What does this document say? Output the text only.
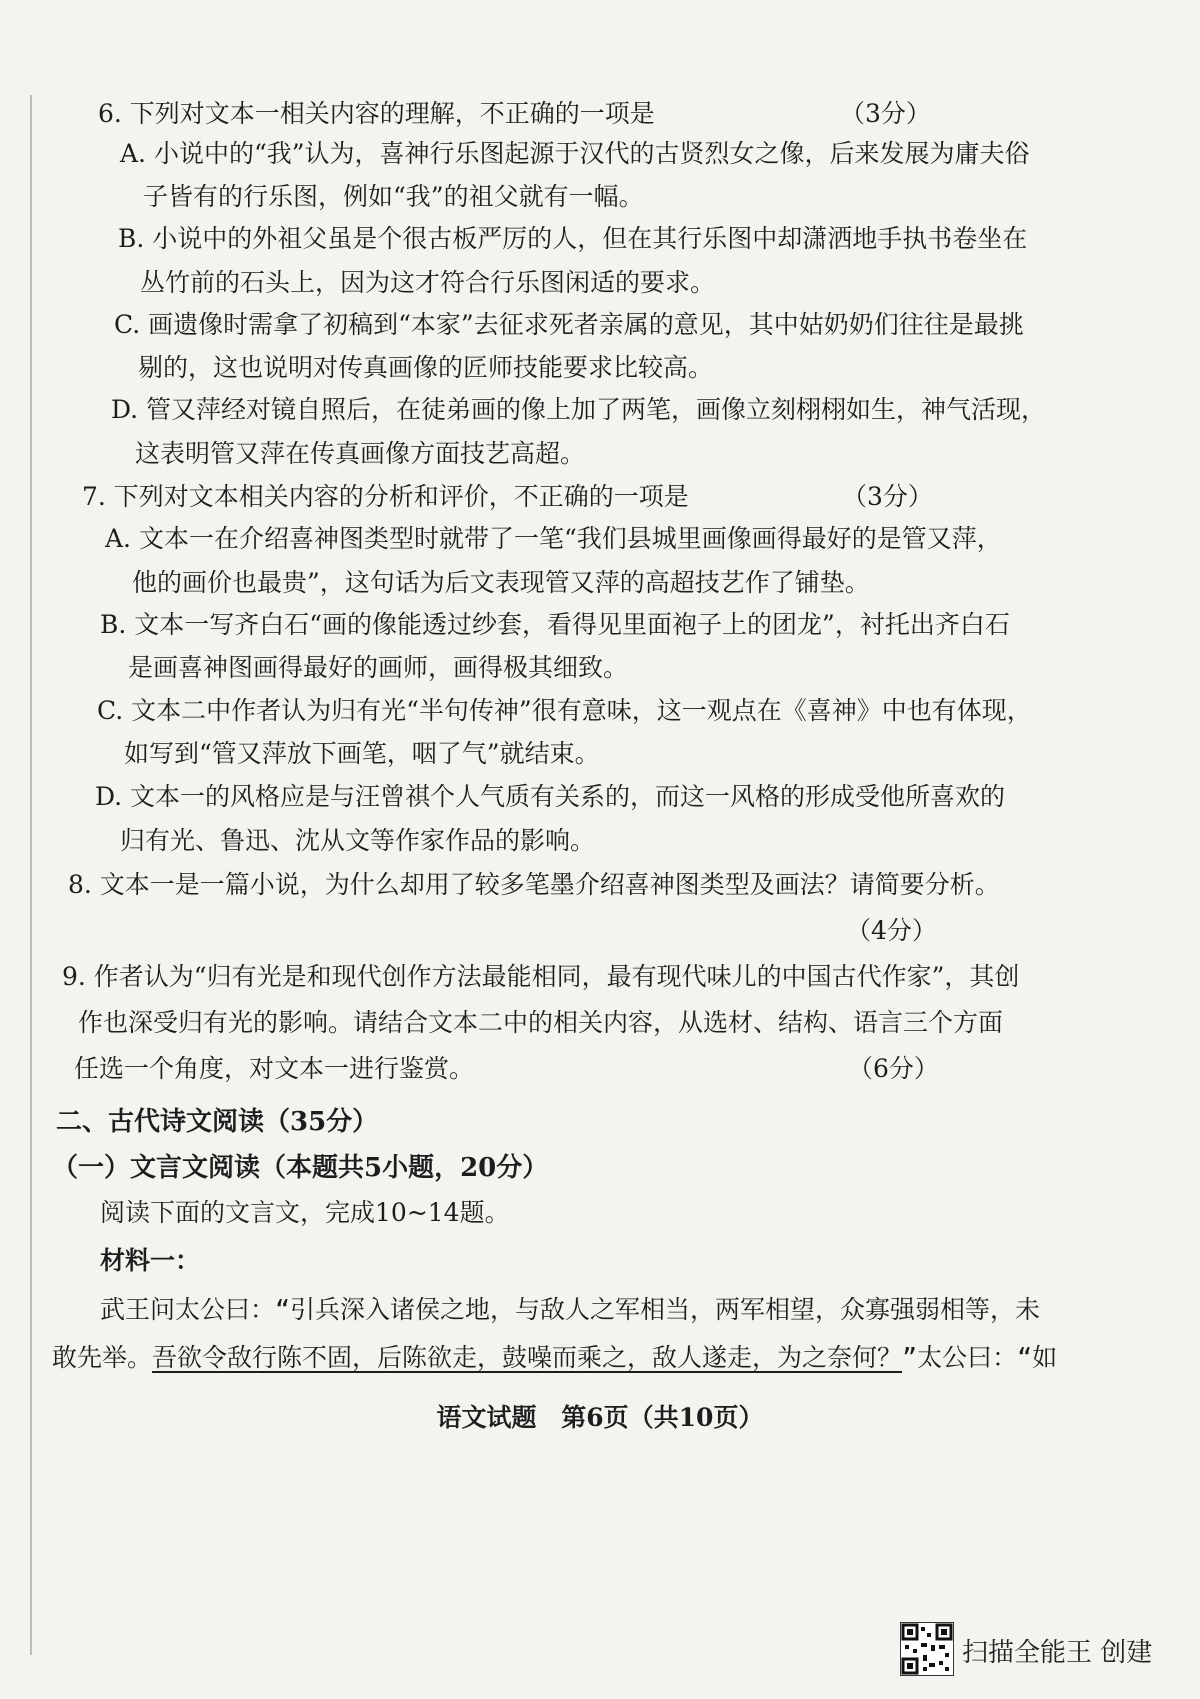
6. 下列对文本一相关内容的理解，不正确的一项是	（3分）
A. 小说中的“我”认为，喜神行乐图起源于汉代的古贤烈女之像，后来发展为庸夫俗
子皆有的行乐图，例如“我”的祖父就有一幅。
B. 小说中的外祖父虽是个很古板严厉的人，但在其行乐图中却潇洒地手执书卷坐在
丛竹前的石头上，因为这才符合行乐图闲适的要求。
C. 画遗像时需拿了初稿到“本家”去征求死者亲属的意见，其中姑奶奶们往往是最挑
剔的，这也说明对传真画像的匠师技能要求比较高。
D. 管又萍经对镜自照后，在徒弟画的像上加了两笔，画像立刻栩栩如生，神气活现，
这表明管又萍在传真画像方面技艺高超。
7. 下列对文本相关内容的分析和评价，不正确的一项是	（3分）
A. 文本一在介绍喜神图类型时就带了一笔“我们县城里画像画得最好的是管又萍，
他的画价也最贵”，这句话为后文表现管又萍的高超技艺作了铺垫。
B. 文本一写齐白石“画的像能透过纱套，看得见里面袍子上的团龙”，衬托出齐白石
是画喜神图画得最好的画师，画得极其细致。
C. 文本二中作者认为归有光“半句传神”很有意味，这一观点在《喜神》中也有体现，
如写到“管又萍放下画笔，咽了气”就结束。
D. 文本一的风格应是与汪曾祺个人气质有关系的，而这一风格的形成受他所喜欢的
归有光、鲁迅、沈从文等作家作品的影响。
8. 文本一是一篇小说，为什么却用了较多笔墨介绍喜神图类型及画法？请简要分析。
（4分）
9. 作者认为“归有光是和现代创作方法最能相同，最有现代味儿的中国古代作家”，其创
作也深受归有光的影响。请结合文本二中的相关内容，从选材、结构、语言三个方面
任选一个角度，对文本一进行鉴赏。	（6分）
二、古代诗文阅读（35分）
（一）文言文阅读（本题共5小题，20分）
阅读下面的文言文，完成10~14题。
材料一：
武王问太公曰：“引兵深入诸侯之地，与敌人之军相当，两军相望，众寡强弱相等，未
敢先举。吾欲令敌行陈不固，后陈欲走，鼓噪而乘之，敌人遂走，为之奈何？”太公曰：“如
语文试题 第6页（共10页）
扫描全能王 创建
